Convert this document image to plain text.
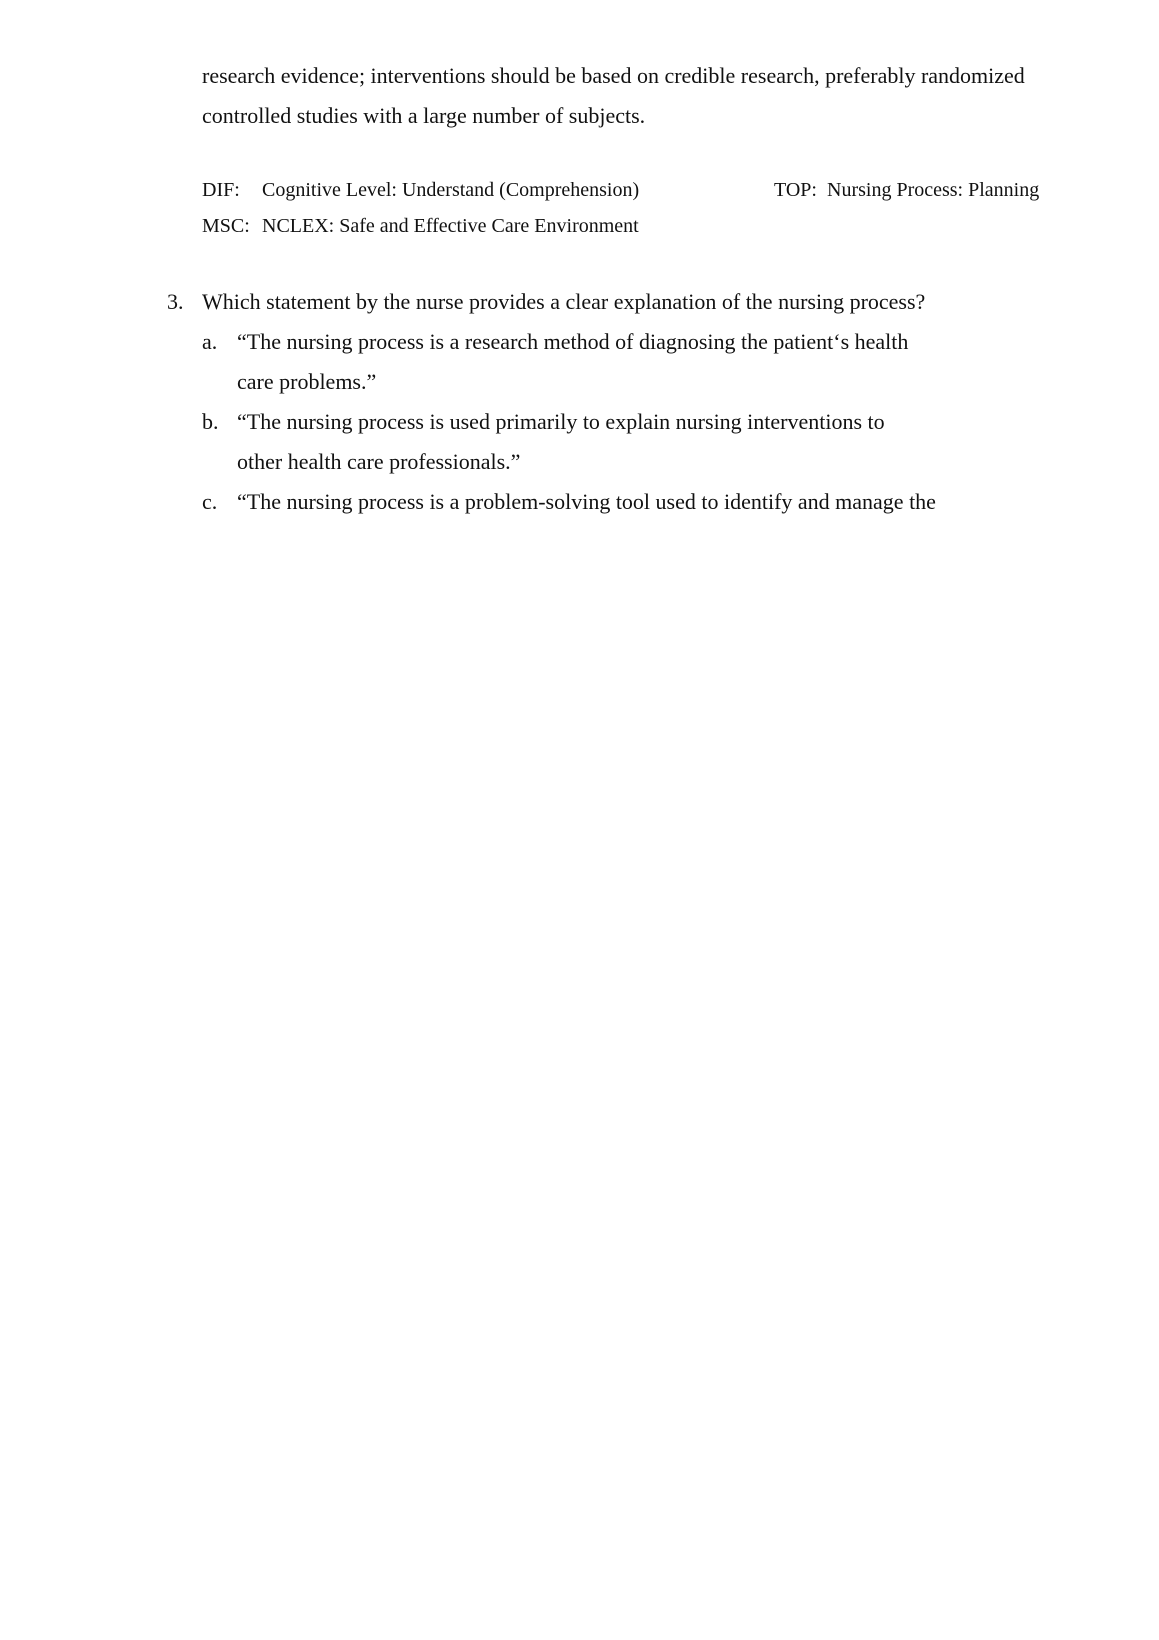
research evidence; interventions should be based on credible research, preferably randomized
controlled studies with a large number of subjects.
DIF: Cognitive Level: Understand (Comprehension)	TOP: Nursing Process: Planning
MSC: NCLEX: Safe and Effective Care Environment
3. Which statement by the nurse provides a clear explanation of the nursing process?
a. “The nursing process is a research method of diagnosing the patient‘s health
care problems.”
b. “The nursing process is used primarily to explain nursing interventions to
other health care professionals.”
c. “The nursing process is a problem-solving tool used to identify and manage the
